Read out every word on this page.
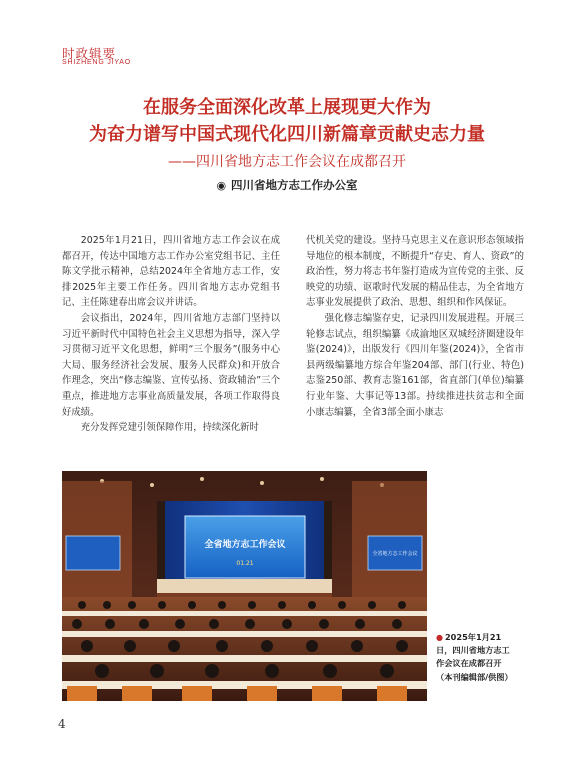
时政辑要
SHIZHENG JIYAO
在服务全面深化改革上展现更大作为
为奋力谱写中国式现代化四川新篇章贡献史志力量
——四川省地方志工作会议在成都召开
◉ 四川省地方志工作办公室

2025年1月21日，四川省地方志工作会议在成都召开，传达中国地方志工作办公室党组书记、主任陈文学批示精神，总结2024年全省地方志工作，安排2025年主要工作任务。四川省地方志办党组书记、主任陈建春出席会议并讲话。

会议指出，2024年，四川省地方志部门坚持以习近平新时代中国特色社会主义思想为指导，深入学习贯彻习近平文化思想，鲜明“三个服务”(服务中心大局、服务经济社会发展、服务人民群众)和开放合作理念，突出“修志编鉴、宣传弘扬、资政辅治”三个重点，推进地方志事业高质量发展，各项工作取得良好成绩。

充分发挥党建引领保障作用，持续深化新时

代机关党的建设。坚持马克思主义在意识形态领域指导地位的根本制度，不断提升“存史、育人、资政”的政治性，努力将志书年鉴打造成为宣传党的主张、反映党的功绩、讴歌时代发展的精品佳志，为全省地方志事业发展提供了政治、思想、组织和作风保证。

强化修志编鉴存史，记录四川发展进程。开展三轮修志试点，组织编纂《成渝地区双城经济圈建设年鉴(2024)》，出版发行《四川年鉴(2024)》，全省市县两级编纂地方综合年鉴204部、部门(行业、特色)志鉴250部、教育志鉴161部，省直部门(单位)编纂行业年鉴、大事记等13部。持续推进扶贫志和全面小康志编纂，全省3部全面小康志

全省地方志工作会议
01.21
全省地方志工作会议
● 2025年1月21日，四川省地方志工作会议在成都召开（本刊编辑部/供图）
4
